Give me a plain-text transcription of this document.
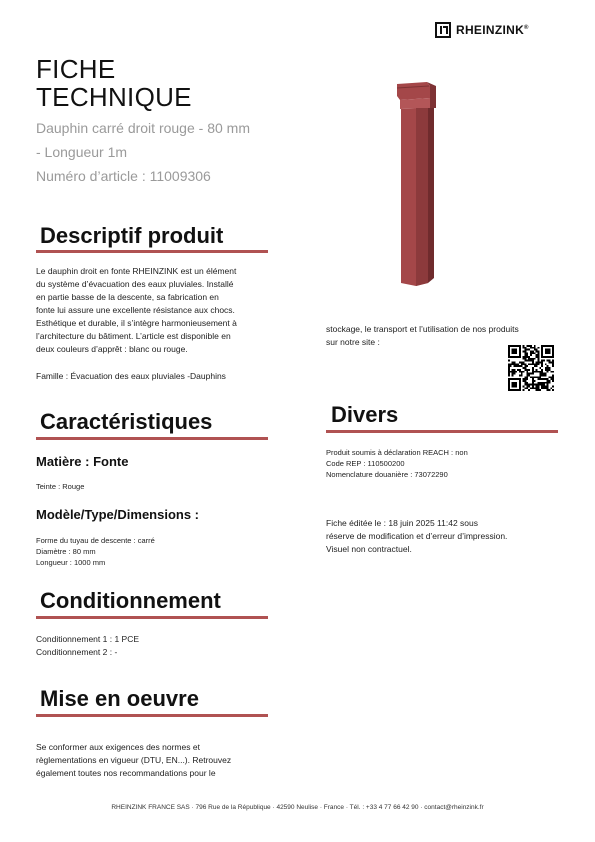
RHEINZINK®
FICHE
TECHNIQUE
Dauphin carré droit rouge - 80 mm
- Longueur 1m
Numéro d’article : 11009306
Descriptif produit
Le dauphin droit en fonte RHEINZINK est un élément
du système d’évacuation des eaux pluviales. Installé
en partie basse de la descente, sa fabrication en
fonte lui assure une excellente résistance aux chocs.
Esthétique et durable, il s’intègre harmonieusement à
l’architecture du bâtiment. L’article est disponible en
deux couleurs d’apprêt : blanc ou rouge.
Famille : Évacuation des eaux pluviales -Dauphins
Caractéristiques
Matière : Fonte
Teinte : Rouge
Modèle/Type/Dimensions :
Forme du tuyau de descente : carré
Diamètre : 80 mm
Longueur : 1000 mm
Conditionnement
Conditionnement 1 : 1 PCE
Conditionnement 2 : -
Mise en oeuvre
Se conformer aux exigences des normes et
règlementations en vigueur (DTU, EN...). Retrouvez
également toutes nos recommandations pour le
stockage, le transport et l’utilisation de nos produits
sur notre site :
Divers
Produit soumis à déclaration REACH : non
Code REP : 110500200
Nomenclature douanière : 73072290
Fiche éditée le : 18 juin 2025 11:42 sous
réserve de modification et d’erreur d’impression.
Visuel non contractuel.
RHEINZINK FRANCE SAS · 796 Rue de la République · 42590 Neulise · France · Tél. : +33 4 77 66 42 90 · contact@rheinzink.fr
